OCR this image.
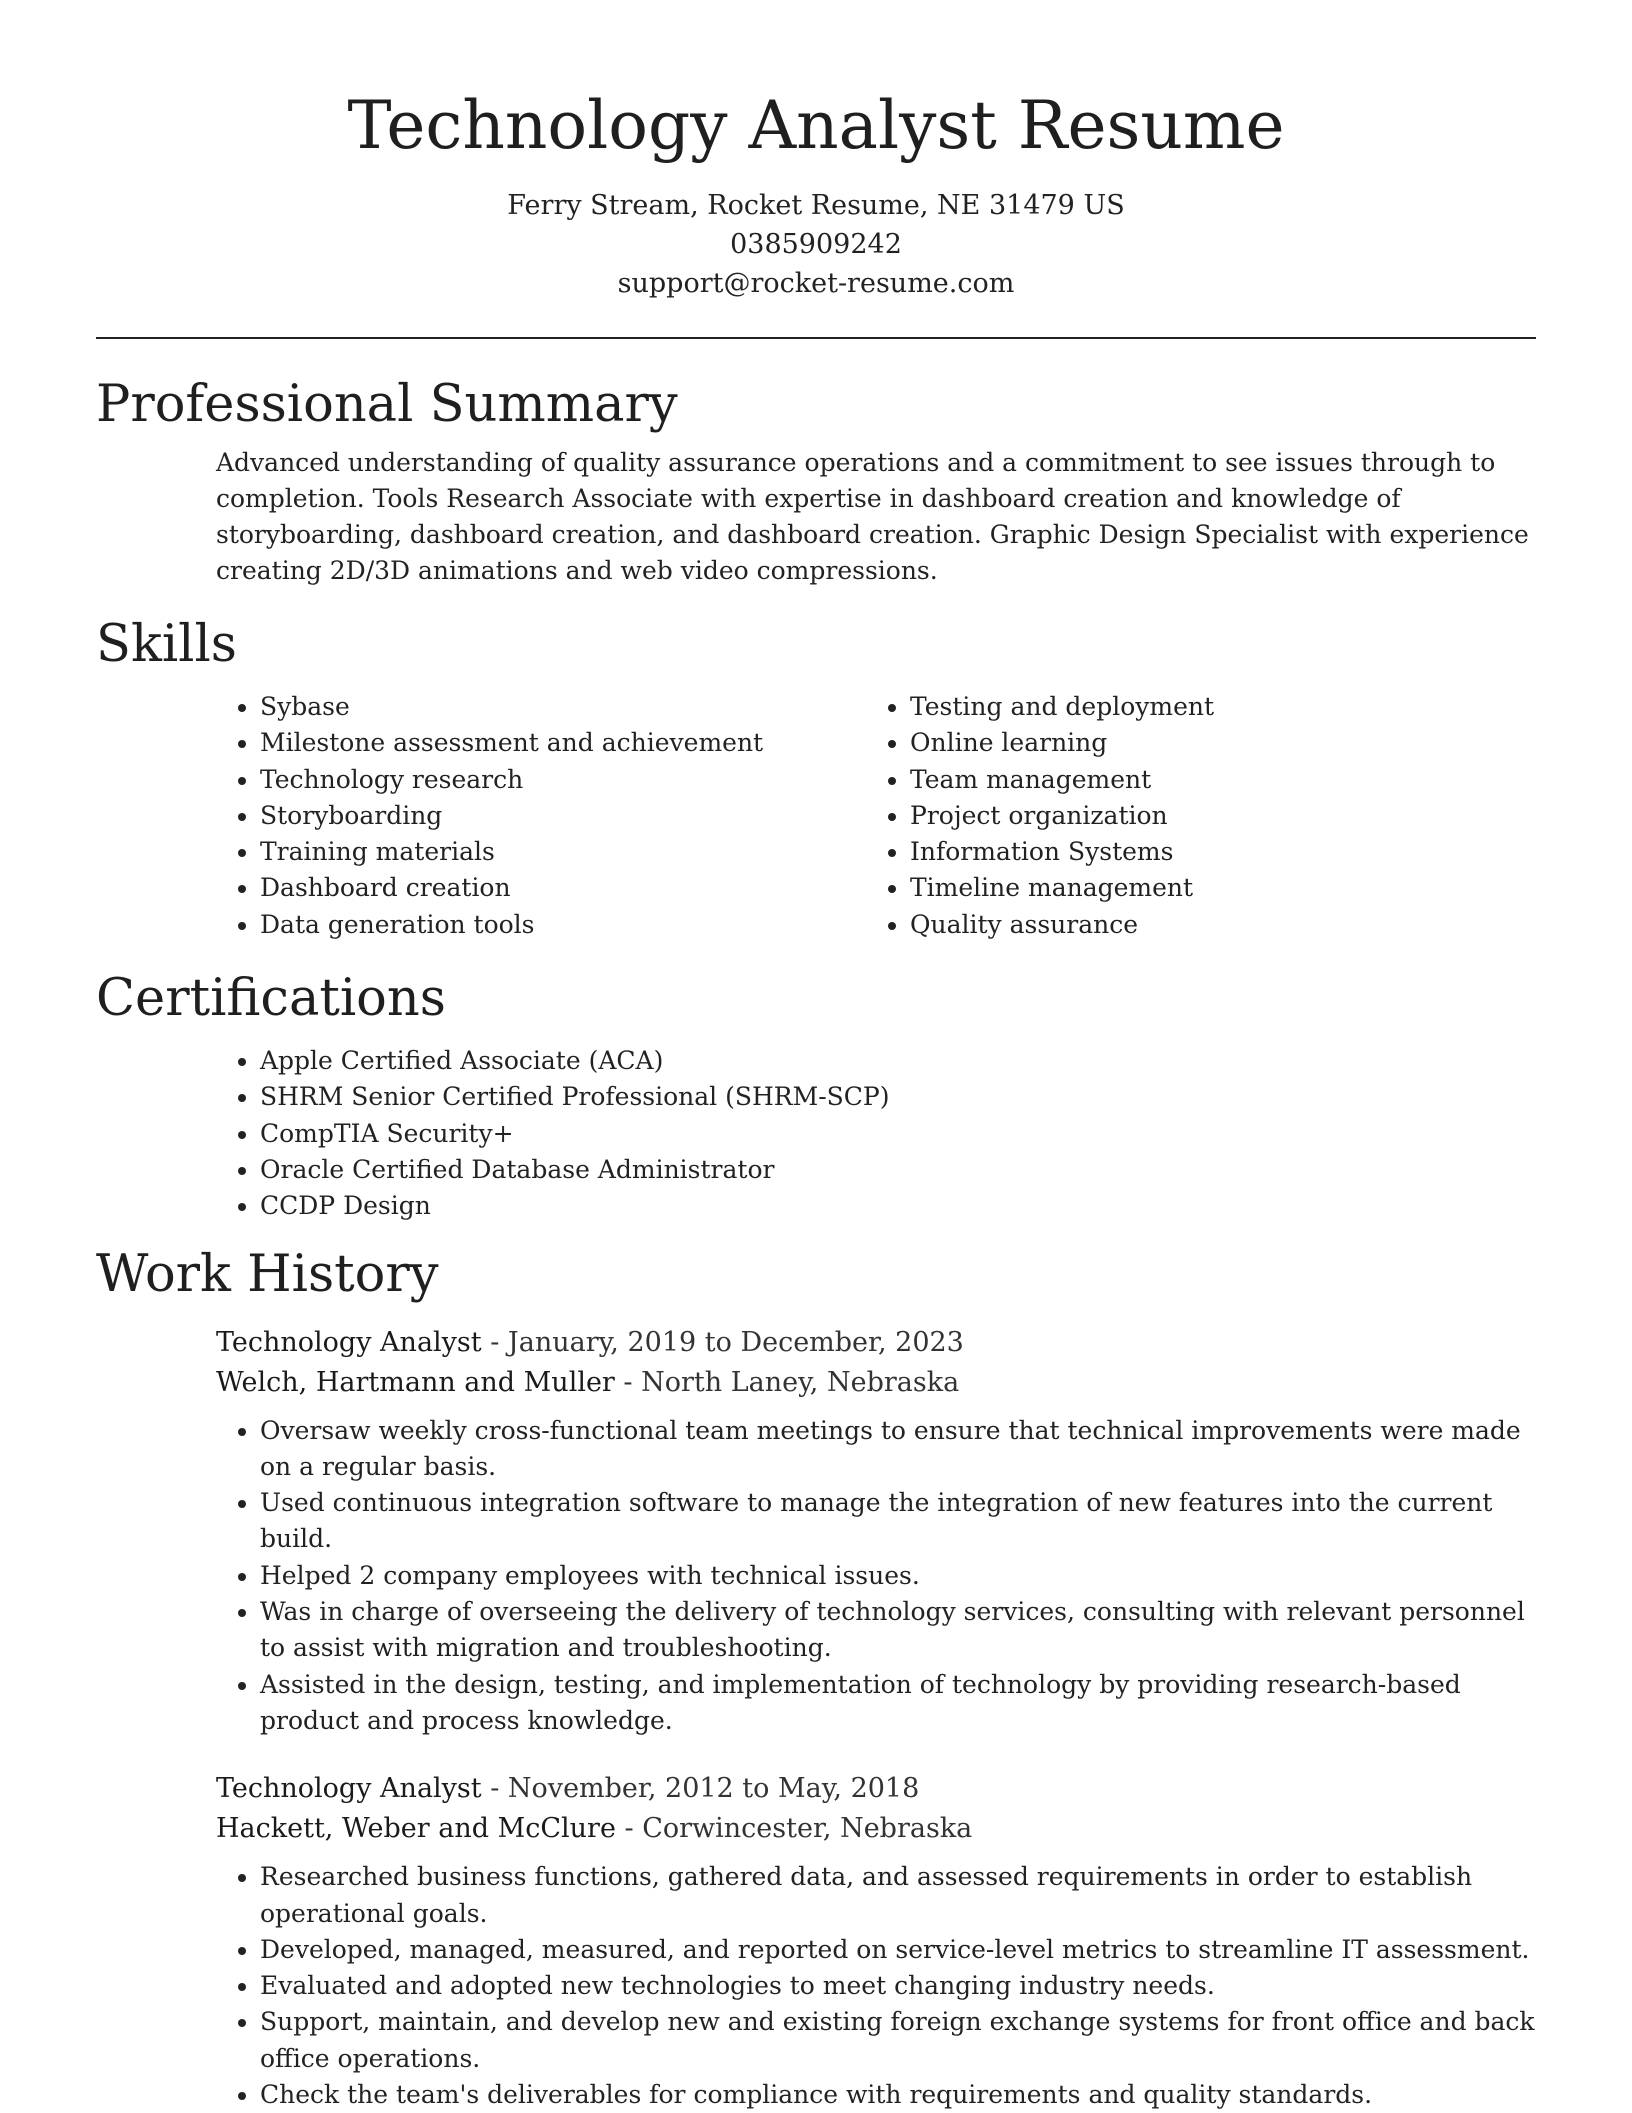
Technology Analyst Resume
Ferry Stream, Rocket Resume, NE 31479 US
0385909242
support@rocket-resume.com
Professional Summary

Advanced understanding of quality assurance operations and a commitment to see issues through to completion. Tools Research Associate with expertise in dashboard creation and knowledge of storyboarding, dashboard creation, and dashboard creation. Graphic Design Specialist with experience creating 2D/3D animations and web video compressions.

Skills
• Sybase
• Milestone assessment and achievement
• Technology research
• Storyboarding
• Training materials
• Dashboard creation
• Data generation tools
• Testing and deployment
• Online learning
• Team management
• Project organization
• Information Systems
• Timeline management
• Quality assurance
Certifications
• Apple Certified Associate (ACA)
• SHRM Senior Certified Professional (SHRM-SCP)
• CompTIA Security+
• Oracle Certified Database Administrator
• CCDP Design
Work History
Technology Analyst - January, 2019 to December, 2023
Welch, Hartmann and Muller - North Laney, Nebraska
• Oversaw weekly cross-functional team meetings to ensure that technical improvements were made on a regular basis.
• Used continuous integration software to manage the integration of new features into the current build.
• Helped 2 company employees with technical issues.
• Was in charge of overseeing the delivery of technology services, consulting with relevant personnel to assist with migration and troubleshooting.
• Assisted in the design, testing, and implementation of technology by providing research-based product and process knowledge.
Technology Analyst - November, 2012 to May, 2018
Hackett, Weber and McClure - Corwincester, Nebraska
• Researched business functions, gathered data, and assessed requirements in order to establish operational goals.
• Developed, managed, measured, and reported on service-level metrics to streamline IT assessment.
• Evaluated and adopted new technologies to meet changing industry needs.
• Support, maintain, and develop new and existing foreign exchange systems for front office and back office operations.
• Check the team's deliverables for compliance with requirements and quality standards.
